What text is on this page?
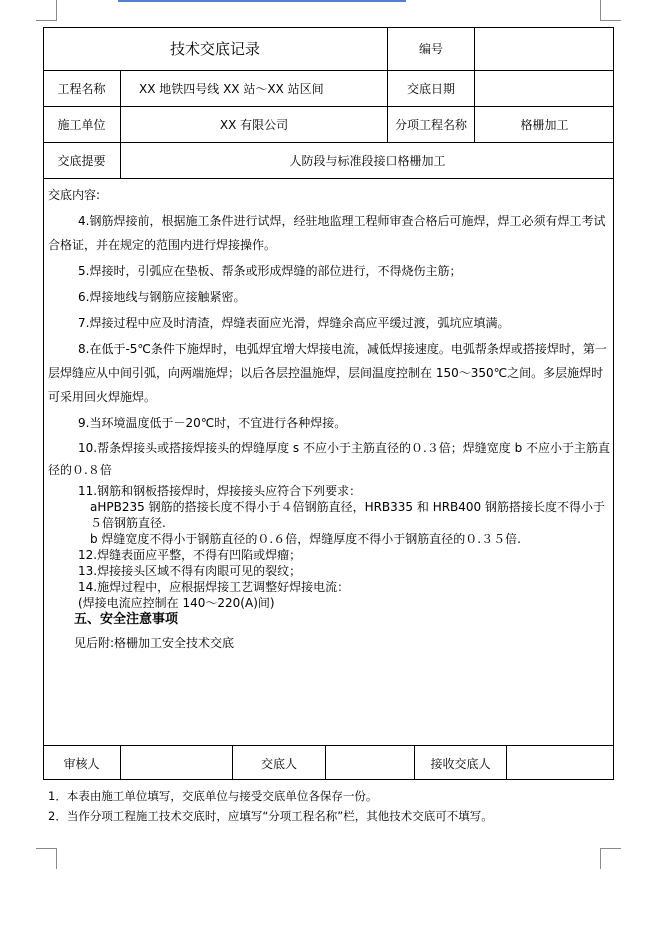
技术交底记录	编号
工程名称	XX 地铁四号线 XX 站～XX 站区间	交底日期
施工单位	XX 有限公司	分项工程名称	格栅加工
交底提要	人防段与标准段接口格栅加工

交底内容:

4.钢筋焊接前，根据施工条件进行试焊，经驻地监理工程师审查合格后可施焊，焊工必须有焊工考试合格证，并在规定的范围内进行焊接操作。

5.焊接时，引弧应在垫板、帮条或形成焊缝的部位进行，不得烧伤主筋；

6.焊接地线与钢筋应接触紧密。

7.焊接过程中应及时清渣，焊缝表面应光滑，焊缝余高应平缓过渡，弧坑应填满。

8.在低于-5℃条件下施焊时，电弧焊宜增大焊接电流，减低焊接速度。电弧帮条焊或搭接焊时，第一层焊缝应从中间引弧，向两端施焊；以后各层控温施焊，层间温度控制在 150～350℃之间。多层施焊时可采用回火焊施焊。

9.当环境温度低于－20℃时，不宜进行各种焊接。

10.帮条焊接头或搭接焊接头的焊缝厚度 s 不应小于主筋直径的０.３倍；焊缝宽度 b 不应小于主筋直径的０.８倍

11.钢筋和钢板搭接焊时，焊接接头应符合下列要求：

aHPB235 钢筋的搭接长度不得小于４倍钢筋直径，HRB335 和 HRB400 钢筋搭接长度不得小于５倍钢筋直径.

b 焊缝宽度不得小于钢筋直径的０.６倍，焊缝厚度不得小于钢筋直径的０.３５倍.

12.焊缝表面应平整，不得有凹陷或焊瘤；

13.焊接接头区域不得有肉眼可见的裂纹；

14.施焊过程中，应根据焊接工艺调整好焊接电流：

(焊接电流应控制在 140～220(A)间)

五、安全注意事项

见后附:格栅加工安全技术交底

审核人	交底人	接收交底人
1．本表由施工单位填写，交底单位与接受交底单位各保存一份。
2．当作分项工程施工技术交底时，应填写“分项工程名称”栏，其他技术交底可不填写。
